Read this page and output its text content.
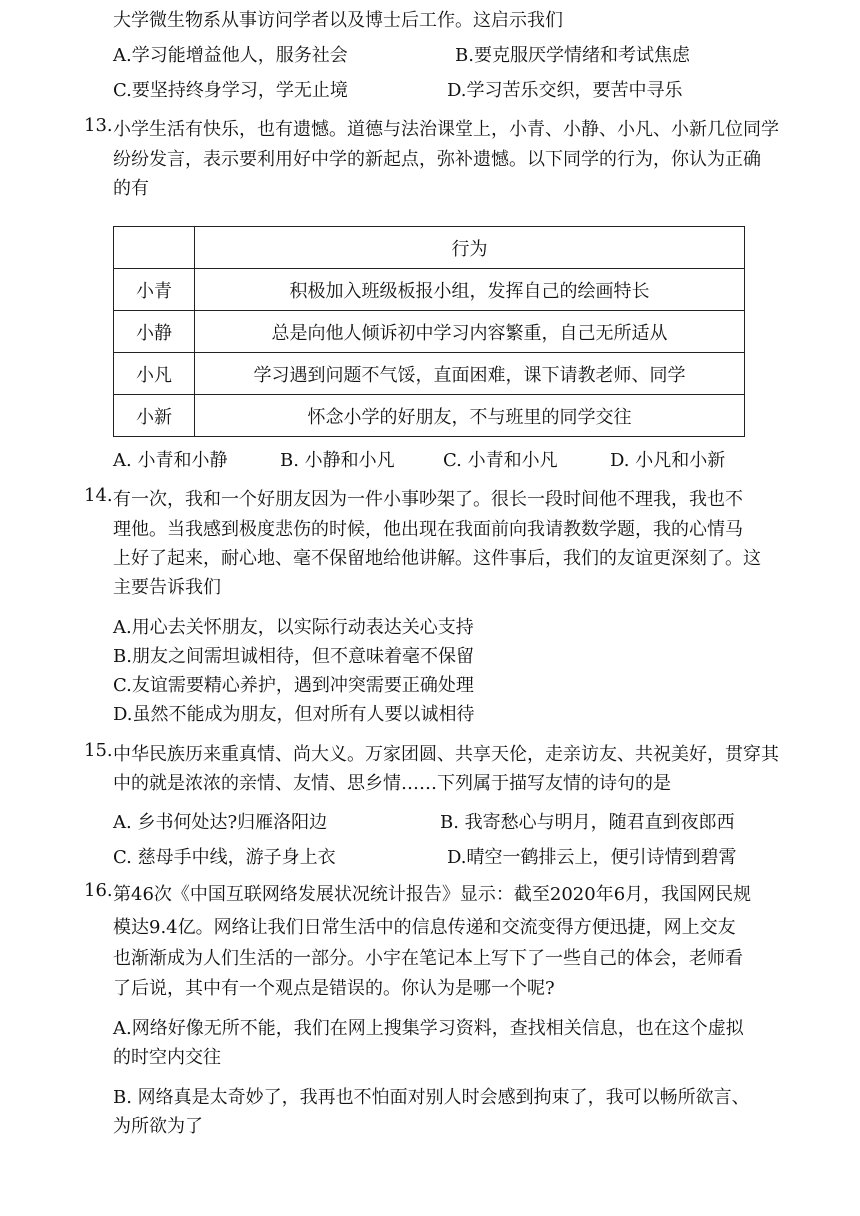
大学微生物系从事访问学者以及博士后工作。这启示我们
A.学习能增益他人，服务社会	B.要克服厌学情绪和考试焦虑
C.要坚持终身学习，学无止境	D.学习苦乐交织，要苦中寻乐
13. 小学生活有快乐，也有遗憾。道德与法治课堂上，小青、小静、小凡、小新几位同学
纷纷发言，表示要利用好中学的新起点，弥补遗憾。以下同学的行为，你认为正确
的有
	行为
小青	积极加入班级板报小组，发挥自己的绘画特长
小静	总是向他人倾诉初中学习内容繁重，自己无所适从
小凡	学习遇到问题不气馁，直面困难，课下请教老师、同学
小新	怀念小学的好朋友，不与班里的同学交往
A. 小青和小静	B. 小静和小凡	C. 小青和小凡	D. 小凡和小新
14. 有一次，我和一个好朋友因为一件小事吵架了。很长一段时间他不理我，我也不
理他。当我感到极度悲伤的时候，他出现在我面前向我请教数学题，我的心情马
上好了起来，耐心地、毫不保留地给他讲解。这件事后，我们的友谊更深刻了。这
主要告诉我们
A.用心去关怀朋友，以实际行动表达关心支持
B.朋友之间需坦诚相待，但不意味着毫不保留
C.友谊需要精心养护，遇到冲突需要正确处理
D.虽然不能成为朋友，但对所有人要以诚相待
15. 中华民族历来重真情、尚大义。万家团圆、共享天伦，走亲访友、共祝美好，贯穿其
中的就是浓浓的亲情、友情、思乡情……下列属于描写友情的诗句的是
A. 乡书何处达?归雁洛阳边	B. 我寄愁心与明月，随君直到夜郎西
C. 慈母手中线，游子身上衣	D.晴空一鹤排云上，便引诗情到碧霄
16. 第46次《中国互联网络发展状况统计报告》显示：截至2020年6月，我国网民规
模达9.4亿。网络让我们日常生活中的信息传递和交流变得方便迅捷，网上交友
也渐渐成为人们生活的一部分。小宇在笔记本上写下了一些自己的体会，老师看
了后说，其中有一个观点是错误的。你认为是哪一个呢?
A.网络好像无所不能，我们在网上搜集学习资料，查找相关信息，也在这个虚拟
的时空内交往
B. 网络真是太奇妙了，我再也不怕面对别人时会感到拘束了，我可以畅所欲言、
为所欲为了
